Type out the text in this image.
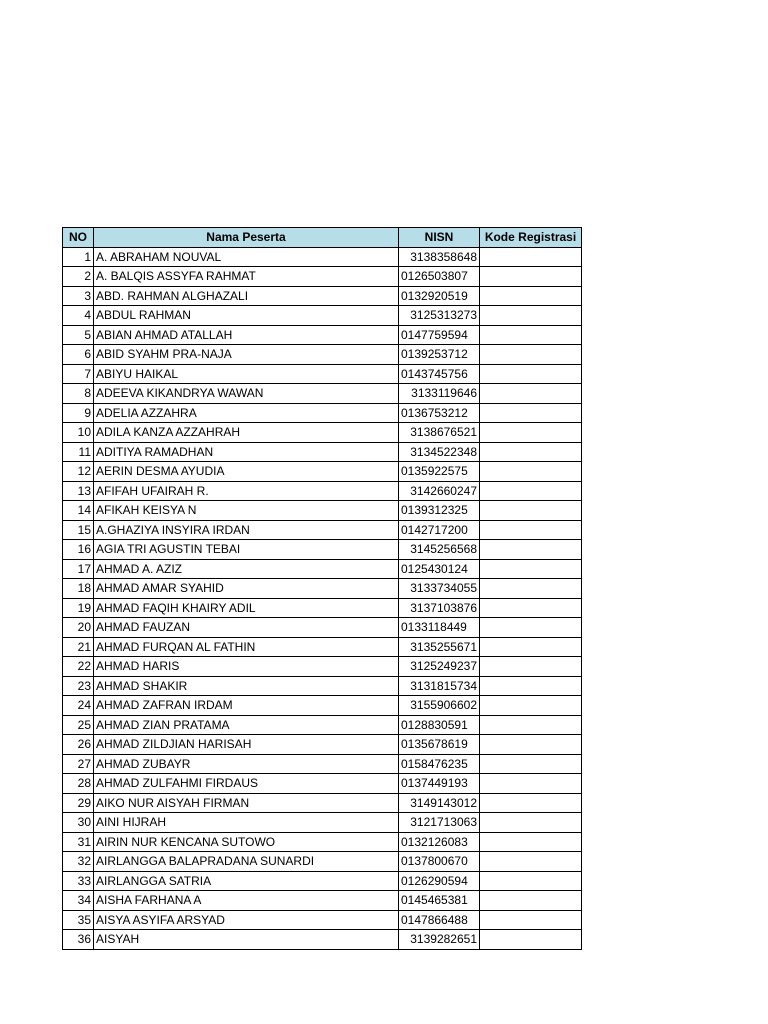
NO	Nama Peserta	NISN	Kode Registrasi
1	A. ABRAHAM NOUVAL	3138358648	
2	A. BALQIS ASSYFA RAHMAT	0126503807	
3	ABD. RAHMAN ALGHAZALI	0132920519	
4	ABDUL RAHMAN	3125313273	
5	ABIAN AHMAD ATALLAH	0147759594	
6	ABID SYAHM PRA-NAJA	0139253712	
7	ABIYU HAIKAL	0143745756	
8	ADEEVA KIKANDRYA WAWAN	3133119646	
9	ADELIA AZZAHRA	0136753212	
10	ADILA KANZA AZZAHRAH	3138676521	
11	ADITIYA RAMADHAN	3134522348	
12	AERIN DESMA AYUDIA	0135922575	
13	AFIFAH UFAIRAH R.	3142660247	
14	AFIKAH KEISYA N	0139312325	
15	A.GHAZIYA INSYIRA IRDAN	0142717200	
16	AGIA TRI AGUSTIN TEBAI	3145256568	
17	AHMAD A. AZIZ	0125430124	
18	AHMAD AMAR SYAHID	3133734055	
19	AHMAD FAQIH KHAIRY ADIL	3137103876	
20	AHMAD FAUZAN	0133118449	
21	AHMAD FURQAN AL FATHIN	3135255671	
22	AHMAD HARIS	3125249237	
23	AHMAD SHAKIR	3131815734	
24	AHMAD ZAFRAN IRDAM	3155906602	
25	AHMAD ZIAN PRATAMA	0128830591	
26	AHMAD ZILDJIAN HARISAH	0135678619	
27	AHMAD ZUBAYR	0158476235	
28	AHMAD ZULFAHMI FIRDAUS	0137449193	
29	AIKO NUR AISYAH FIRMAN	3149143012	
30	AINI HIJRAH	3121713063	
31	AIRIN NUR KENCANA SUTOWO	0132126083	
32	AIRLANGGA BALAPRADANA SUNARDI	0137800670	
33	AIRLANGGA SATRIA	0126290594	
34	AISHA FARHANA A	0145465381	
35	AISYA ASYIFA ARSYAD	0147866488	
36	AISYAH	3139282651	
